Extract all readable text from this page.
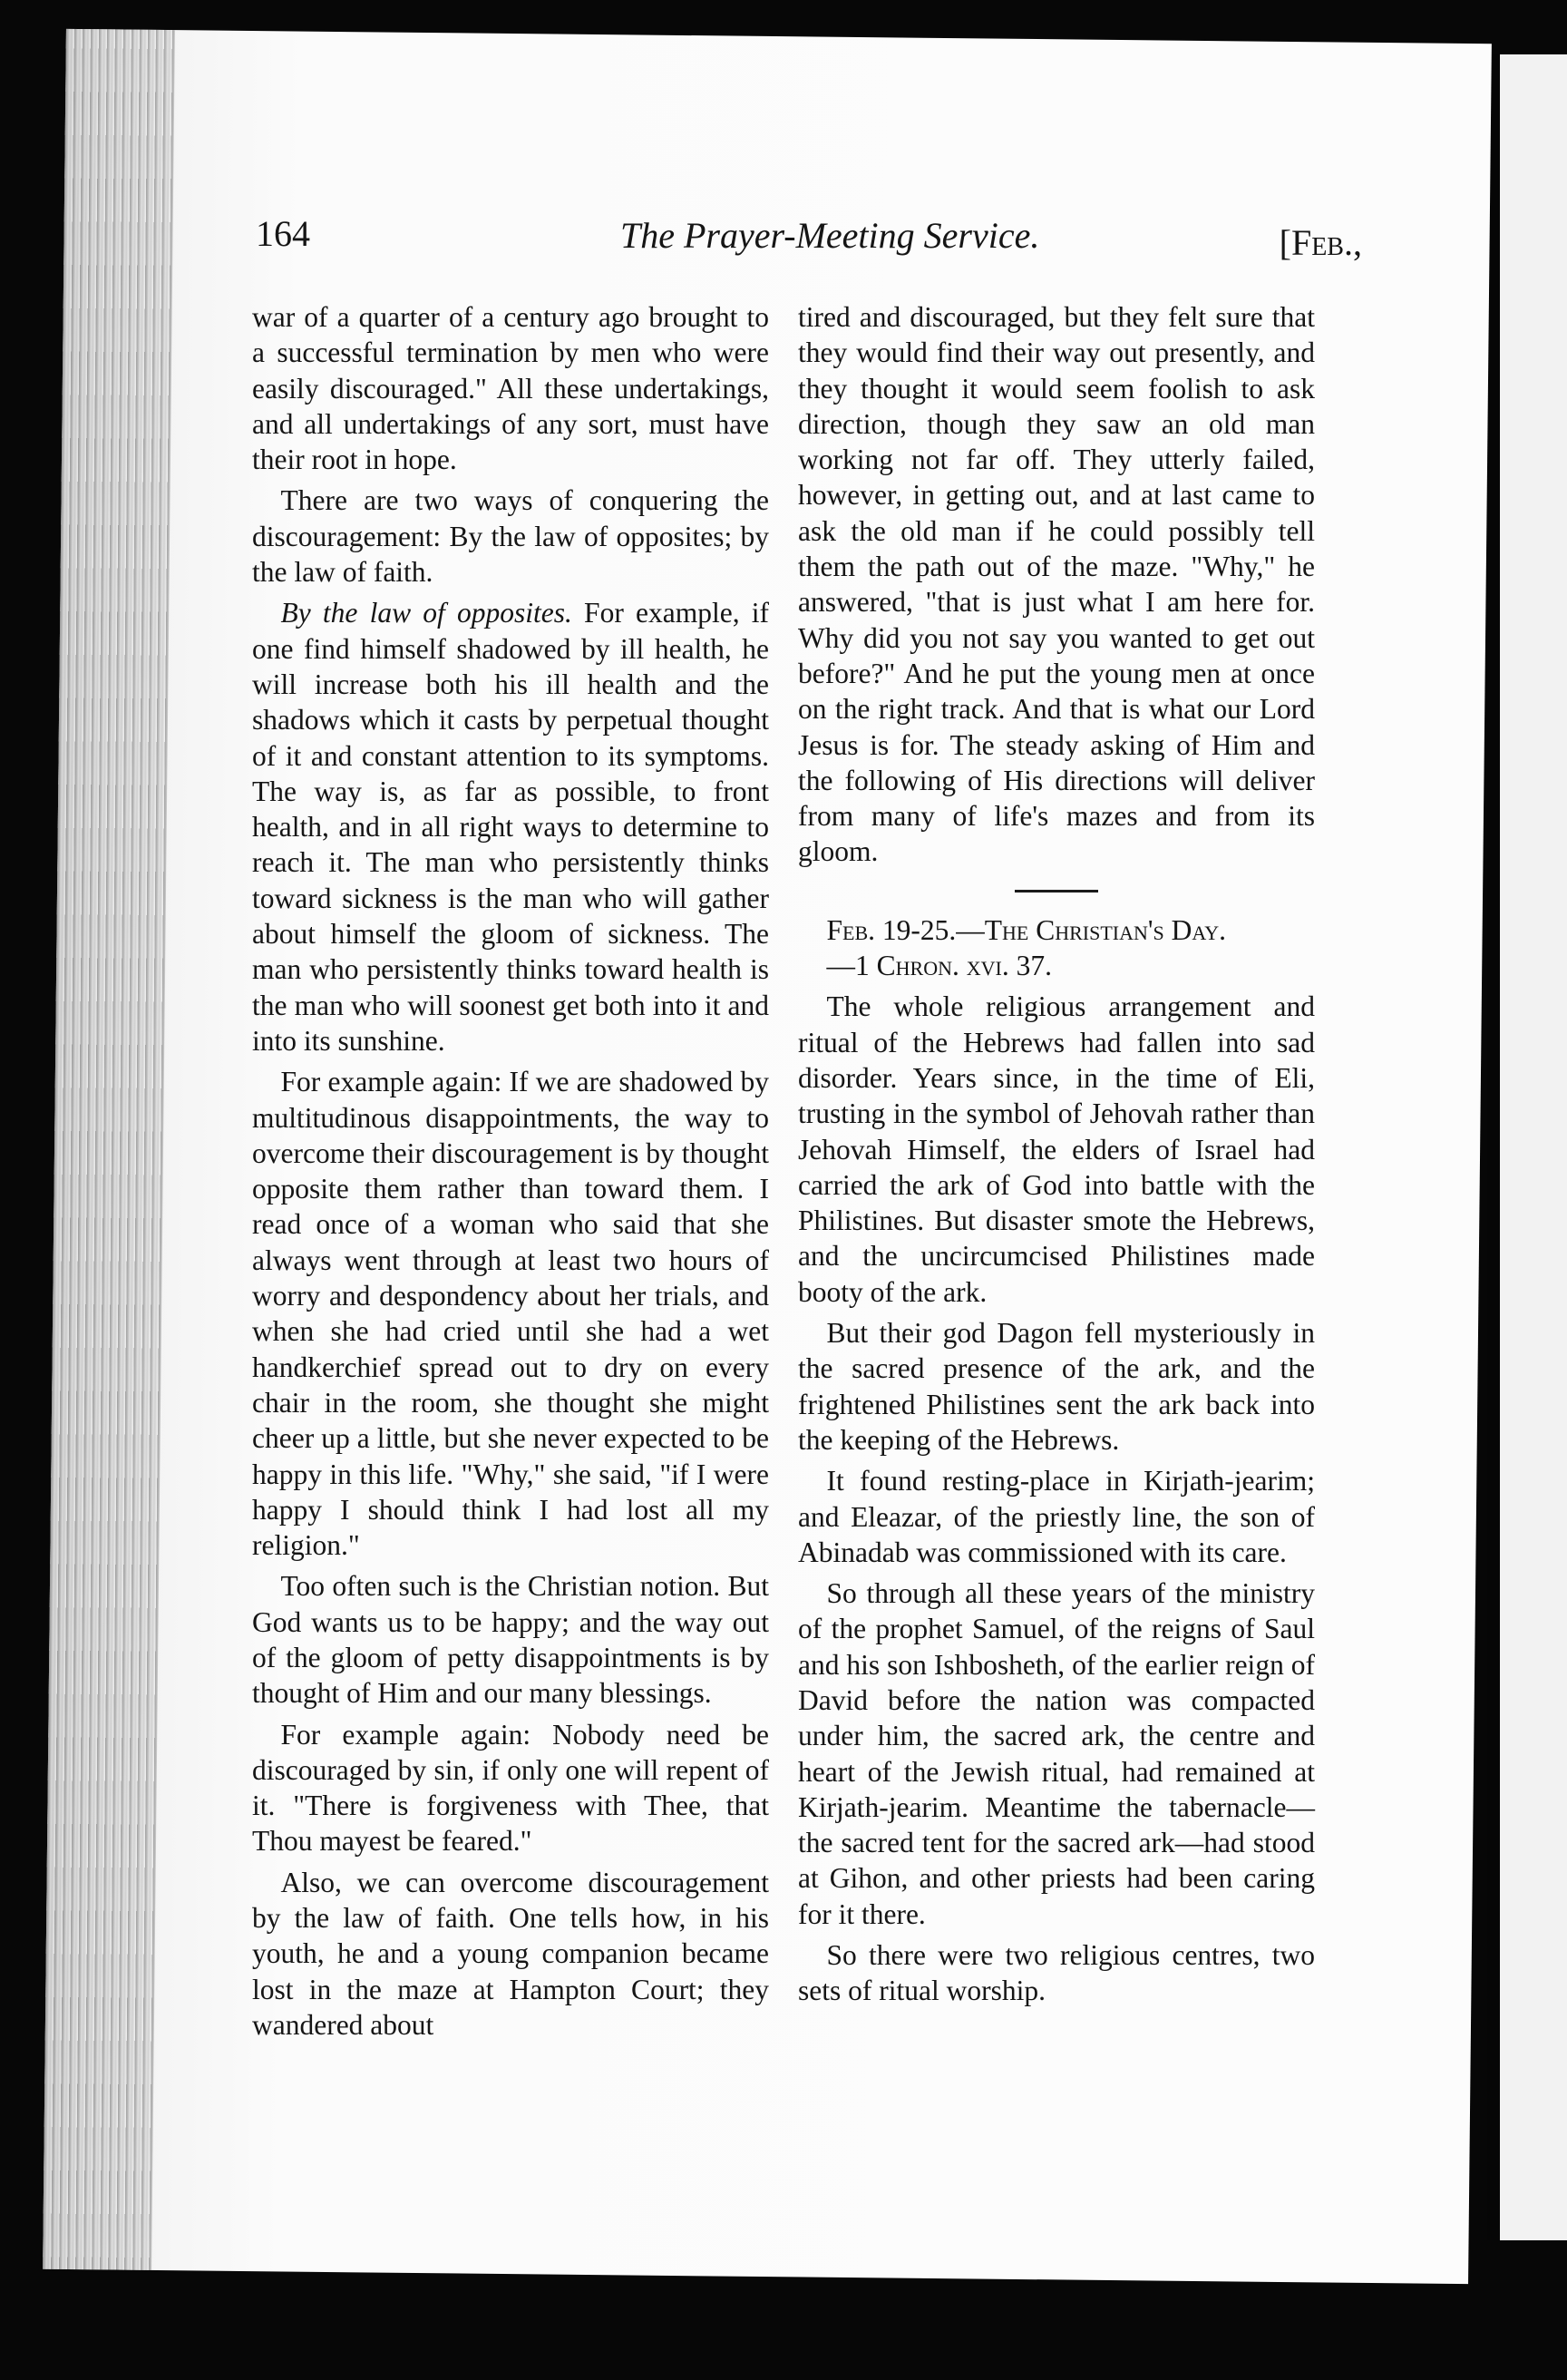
164	The Prayer-Meeting Service.	[Feb.,

war of a quarter of a century ago brought to a successful termination by men who were easily discouraged." All these undertakings, and all undertakings of any sort, must have their root in hope.

There are two ways of conquering the discouragement: By the law of opposites; by the law of faith.

By the law of opposites. For example, if one find himself shadowed by ill health, he will increase both his ill health and the shadows which it casts by perpetual thought of it and constant attention to its symptoms. The way is, as far as possible, to front health, and in all right ways to determine to reach it. The man who persistently thinks toward sickness is the man who will gather about himself the gloom of sickness. The man who persistently thinks toward health is the man who will soonest get both into it and into its sunshine.

For example again: If we are shadowed by multitudinous disappointments, the way to overcome their discouragement is by thought opposite them rather than toward them. I read once of a woman who said that she always went through at least two hours of worry and despondency about her trials, and when she had cried until she had a wet handkerchief spread out to dry on every chair in the room, she thought she might cheer up a little, but she never expected to be happy in this life. "Why," she said, "if I were happy I should think I had lost all my religion."

Too often such is the Christian notion. But God wants us to be happy; and the way out of the gloom of petty disappointments is by thought of Him and our many blessings.

For example again: Nobody need be discouraged by sin, if only one will repent of it. "There is forgiveness with Thee, that Thou mayest be feared."

Also, we can overcome discouragement by the law of faith. One tells how, in his youth, he and a young companion became lost in the maze at Hampton Court; they wandered about

tired and discouraged, but they felt sure that they would find their way out presently, and they thought it would seem foolish to ask direction, though they saw an old man working not far off. They utterly failed, however, in getting out, and at last came to ask the old man if he could possibly tell them the path out of the maze. "Why," he answered, "that is just what I am here for. Why did you not say you wanted to get out before?" And he put the young men at once on the right track. And that is what our Lord Jesus is for. The steady asking of Him and the following of His directions will deliver from many of life's mazes and from its gloom.

Feb. 19-25.—The Christian's Day.
—1 Chron. xvi. 37.

The whole religious arrangement and ritual of the Hebrews had fallen into sad disorder. Years since, in the time of Eli, trusting in the symbol of Jehovah rather than Jehovah Himself, the elders of Israel had carried the ark of God into battle with the Philistines. But disaster smote the Hebrews, and the uncircumcised Philistines made booty of the ark.

But their god Dagon fell mysteriously in the sacred presence of the ark, and the frightened Philistines sent the ark back into the keeping of the Hebrews.

It found resting-place in Kirjath-jearim; and Eleazar, of the priestly line, the son of Abinadab was commissioned with its care.

So through all these years of the ministry of the prophet Samuel, of the reigns of Saul and his son Ishbosheth, of the earlier reign of David before the nation was compacted under him, the sacred ark, the centre and heart of the Jewish ritual, had remained at Kirjath-jearim. Meantime the tabernacle—the sacred tent for the sacred ark—had stood at Gihon, and other priests had been caring for it there.

So there were two religious centres, two sets of ritual worship.
